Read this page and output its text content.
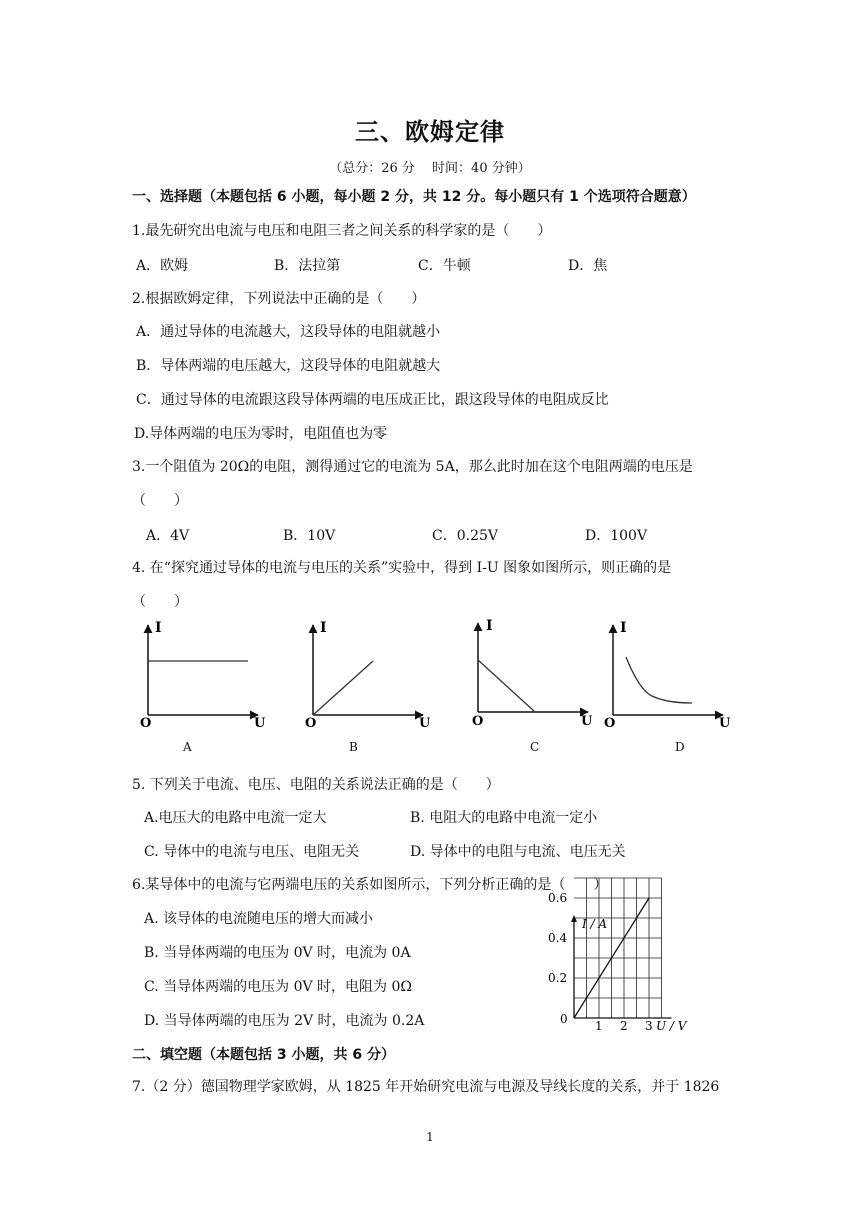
三、欧姆定律
（总分：26 分　 时间：40 分钟）
一、选择题（本题包括 6 小题，每小题 2 分，共 12 分。每小题只有 1 个选项符合题意）
1.最先研究出电流与电压和电阻三者之间关系的科学家的是（　　）
A．欧姆	B．法拉第	C．牛顿	D．焦
2.根据欧姆定律，下列说法中正确的是（　　）
A．通过导体的电流越大，这段导体的电阻就越小
B．导体两端的电压越大，这段导体的电阻就越大
C．通过导体的电流跟这段导体两端的电压成正比，跟这段导体的电阻成反比
D.导体两端的电压为零时，电阻值也为零
3.一个阻值为 20Ω的电阻，测得通过它的电流为 5A，那么此时加在这个电阻两端的电压是
（　　）
A．4V	B．10V	C．0.25V	D．100V
4. 在“探究通过导体的电流与电压的关系”实验中，得到 I-U 图象如图所示，则正确的是
（　　）
I
O	U
I
O	U
I
O	U
I
O	U
A	B	C	D
5. 下列关于电流、电压、电阻的关系说法正确的是（　　）
A.电压大的电路中电流一定大	B. 电阻大的电路中电流一定小
C. 导体中的电流与电压、电阻无关	D. 导体中的电阻与电流、电压无关
6.某导体中的电流与它两端电压的关系如图所示，下列分析正确的是（　　）
A. 该导体的电流随电压的增大而减小
B. 当导体两端的电压为 0V 时，电流为 0A
C. 当导体两端的电压为 0V 时，电阻为 0Ω
D. 当导体两端的电压为 2V 时，电流为 0.2A
0.2
0.4
0.6
1 2 3
I / A
U / V
0
二、填空题（本题包括 3 小题，共 6 分）
7.（2 分）德国物理学家欧姆，从 1825 年开始研究电流与电源及导线长度的关系，并于 1826
1
